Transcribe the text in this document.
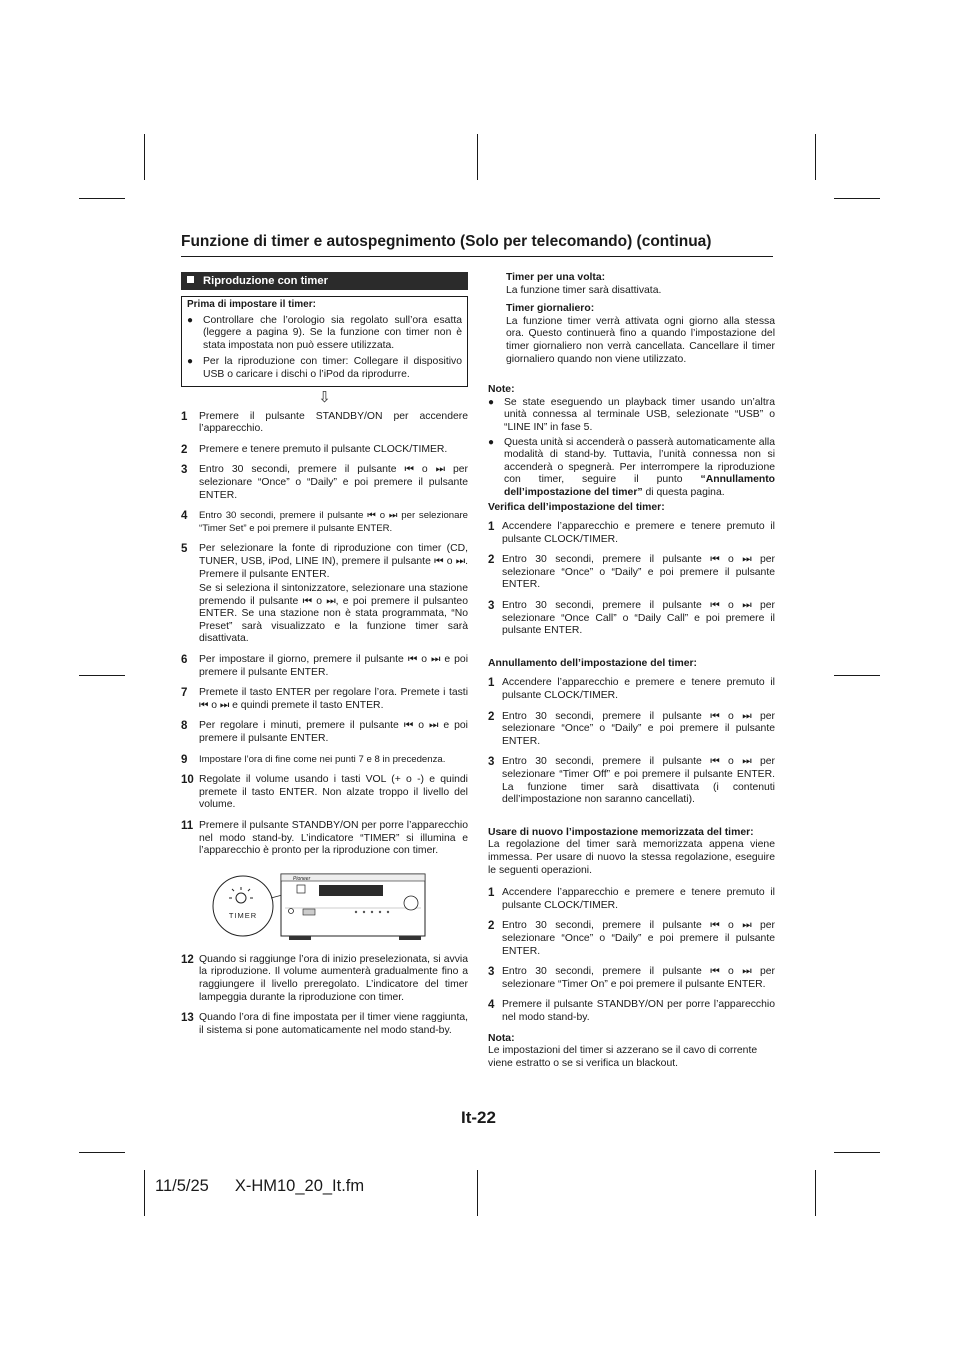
Funzione di timer e autospegnimento (Solo per telecomando) (continua)
Riproduzione con timer
Prima di impostare il timer:
● Controllare che l’orologio sia regolato sull’ora esatta (leggere a pagina 9). Se la funzione con timer non è stata impostata non può essere utilizzata.
● Per la riproduzione con timer: Collegare il dispositivo USB o caricare i dischi o l’iPod da riprodurre.
⇩
1	Premere il pulsante STANDBY/ON per accendere l’apparecchio.
2	Premere e tenere premuto il pulsante CLOCK/TIMER.
3	Entro 30 secondi, premere il pulsante ⏮ o ⏭ per selezionare “Once” o “Daily” e poi premere il pulsante ENTER.
4	Entro 30 secondi, premere il pulsante ⏮ o ⏭ per selezionare “Timer Set” e poi premere il pulsante ENTER.
5	Per selezionare la fonte di riproduzione con timer (CD, TUNER, USB, iPod, LINE IN), premere il pulsante ⏮ o ⏭. Premere il pulsante ENTER.
Se si seleziona il sintonizzatore, selezionare una stazione premendo il pulsante ⏮ o ⏭, e poi premere il pulsanteo ENTER. Se una stazione non è stata programmata, “No Preset” sarà visualizzato e la funzione timer sarà disattivata.
6	Per impostare il giorno, premere il pulsante ⏮ o ⏭ e poi premere il pulsante ENTER.
7	Premete il tasto ENTER per regolare l’ora. Premete i tasti ⏮ o ⏭ e quindi premete il tasto ENTER.
8	Per regolare i minuti, premere il pulsante ⏮ o ⏭ e poi premere il pulsante ENTER.
9	Impostare l’ora di fine come nei punti 7 e 8 in precedenza.
10 Regolate il volume usando i tasti VOL (+ o -) e quindi premete il tasto ENTER. Non alzate troppo il livello del volume.
11 Premere il pulsante STANDBY/ON per porre l’apparecchio nel modo stand-by. L’indicatore “TIMER” si illumina e l’apparecchio è pronto per la riproduzione con timer.
TIMER
Pioneer
12 Quando si raggiunge l’ora di inizio preselezionata, si avvia la riproduzione. Il volume aumenterà gradualmente fino a raggiungere il livello preregolato. L’indicatore del timer lampeggia durante la riproduzione con timer.
13 Quando l’ora di fine impostata per il timer viene raggiunta, il sistema si pone automaticamente nel modo stand-by.
Timer per una volta:
La funzione timer sarà disattivata.
Timer giornaliero:
La funzione timer verrà attivata ogni giorno alla stessa ora. Questo continuerà fino a quando l’impostazione del timer giornaliero non verrà cancellata. Cancellare il timer giornaliero quando non viene utilizzato.
Note:
● Se state eseguendo un playback timer usando un’altra unità connessa al terminale USB, selezionate “USB” o “LINE IN” in fase 5.
● Questa unità si accenderà o passerà automaticamente alla modalità di stand-by. Tuttavia, l’unità connessa non si accenderà o spegnerà. Per interrompere la riproduzione con timer, seguire il punto “Annullamento dell’impostazione del timer” di questa pagina.
Verifica dell’impostazione del timer:
1 Accendere l’apparecchio e premere e tenere premuto il pulsante CLOCK/TIMER.
2 Entro 30 secondi, premere il pulsante ⏮ o ⏭ per selezionare “Once” o “Daily” e poi premere il pulsante ENTER.
3 Entro 30 secondi, premere il pulsante ⏮ o ⏭ per selezionare “Once Call” o “Daily Call” e poi premere il pulsante ENTER.
Annullamento dell’impostazione del timer:
1 Accendere l’apparecchio e premere e tenere premuto il pulsante CLOCK/TIMER.
2 Entro 30 secondi, premere il pulsante ⏮ o ⏭ per selezionare “Once” o “Daily” e poi premere il pulsante ENTER.
3 Entro 30 secondi, premere il pulsante ⏮ o ⏭ per selezionare “Timer Off” e poi premere il pulsante ENTER. La funzione timer sarà disattivata (i contenuti dell’impostazione non saranno cancellati).
Usare di nuovo l’impostazione memorizzata del timer:
La regolazione del timer sarà memorizzata appena viene immessa. Per usare di nuovo la stessa regolazione, eseguire le seguenti operazioni.
1 Accendere l’apparecchio e premere e tenere premuto il pulsante CLOCK/TIMER.
2 Entro 30 secondi, premere il pulsante ⏮ o ⏭ per selezionare “Once” o “Daily” e poi premere il pulsante ENTER.
3 Entro 30 secondi, premere il pulsante ⏮ o ⏭ per selezionare “Timer On” e poi premere il pulsante ENTER.
4 Premere il pulsante STANDBY/ON per porre l’apparecchio nel modo stand-by.
Nota:
Le impostazioni del timer si azzerano se il cavo di corrente viene estratto o se si verifica un blackout.
It-22
11/5/25 X-HM10_20_It.fm
